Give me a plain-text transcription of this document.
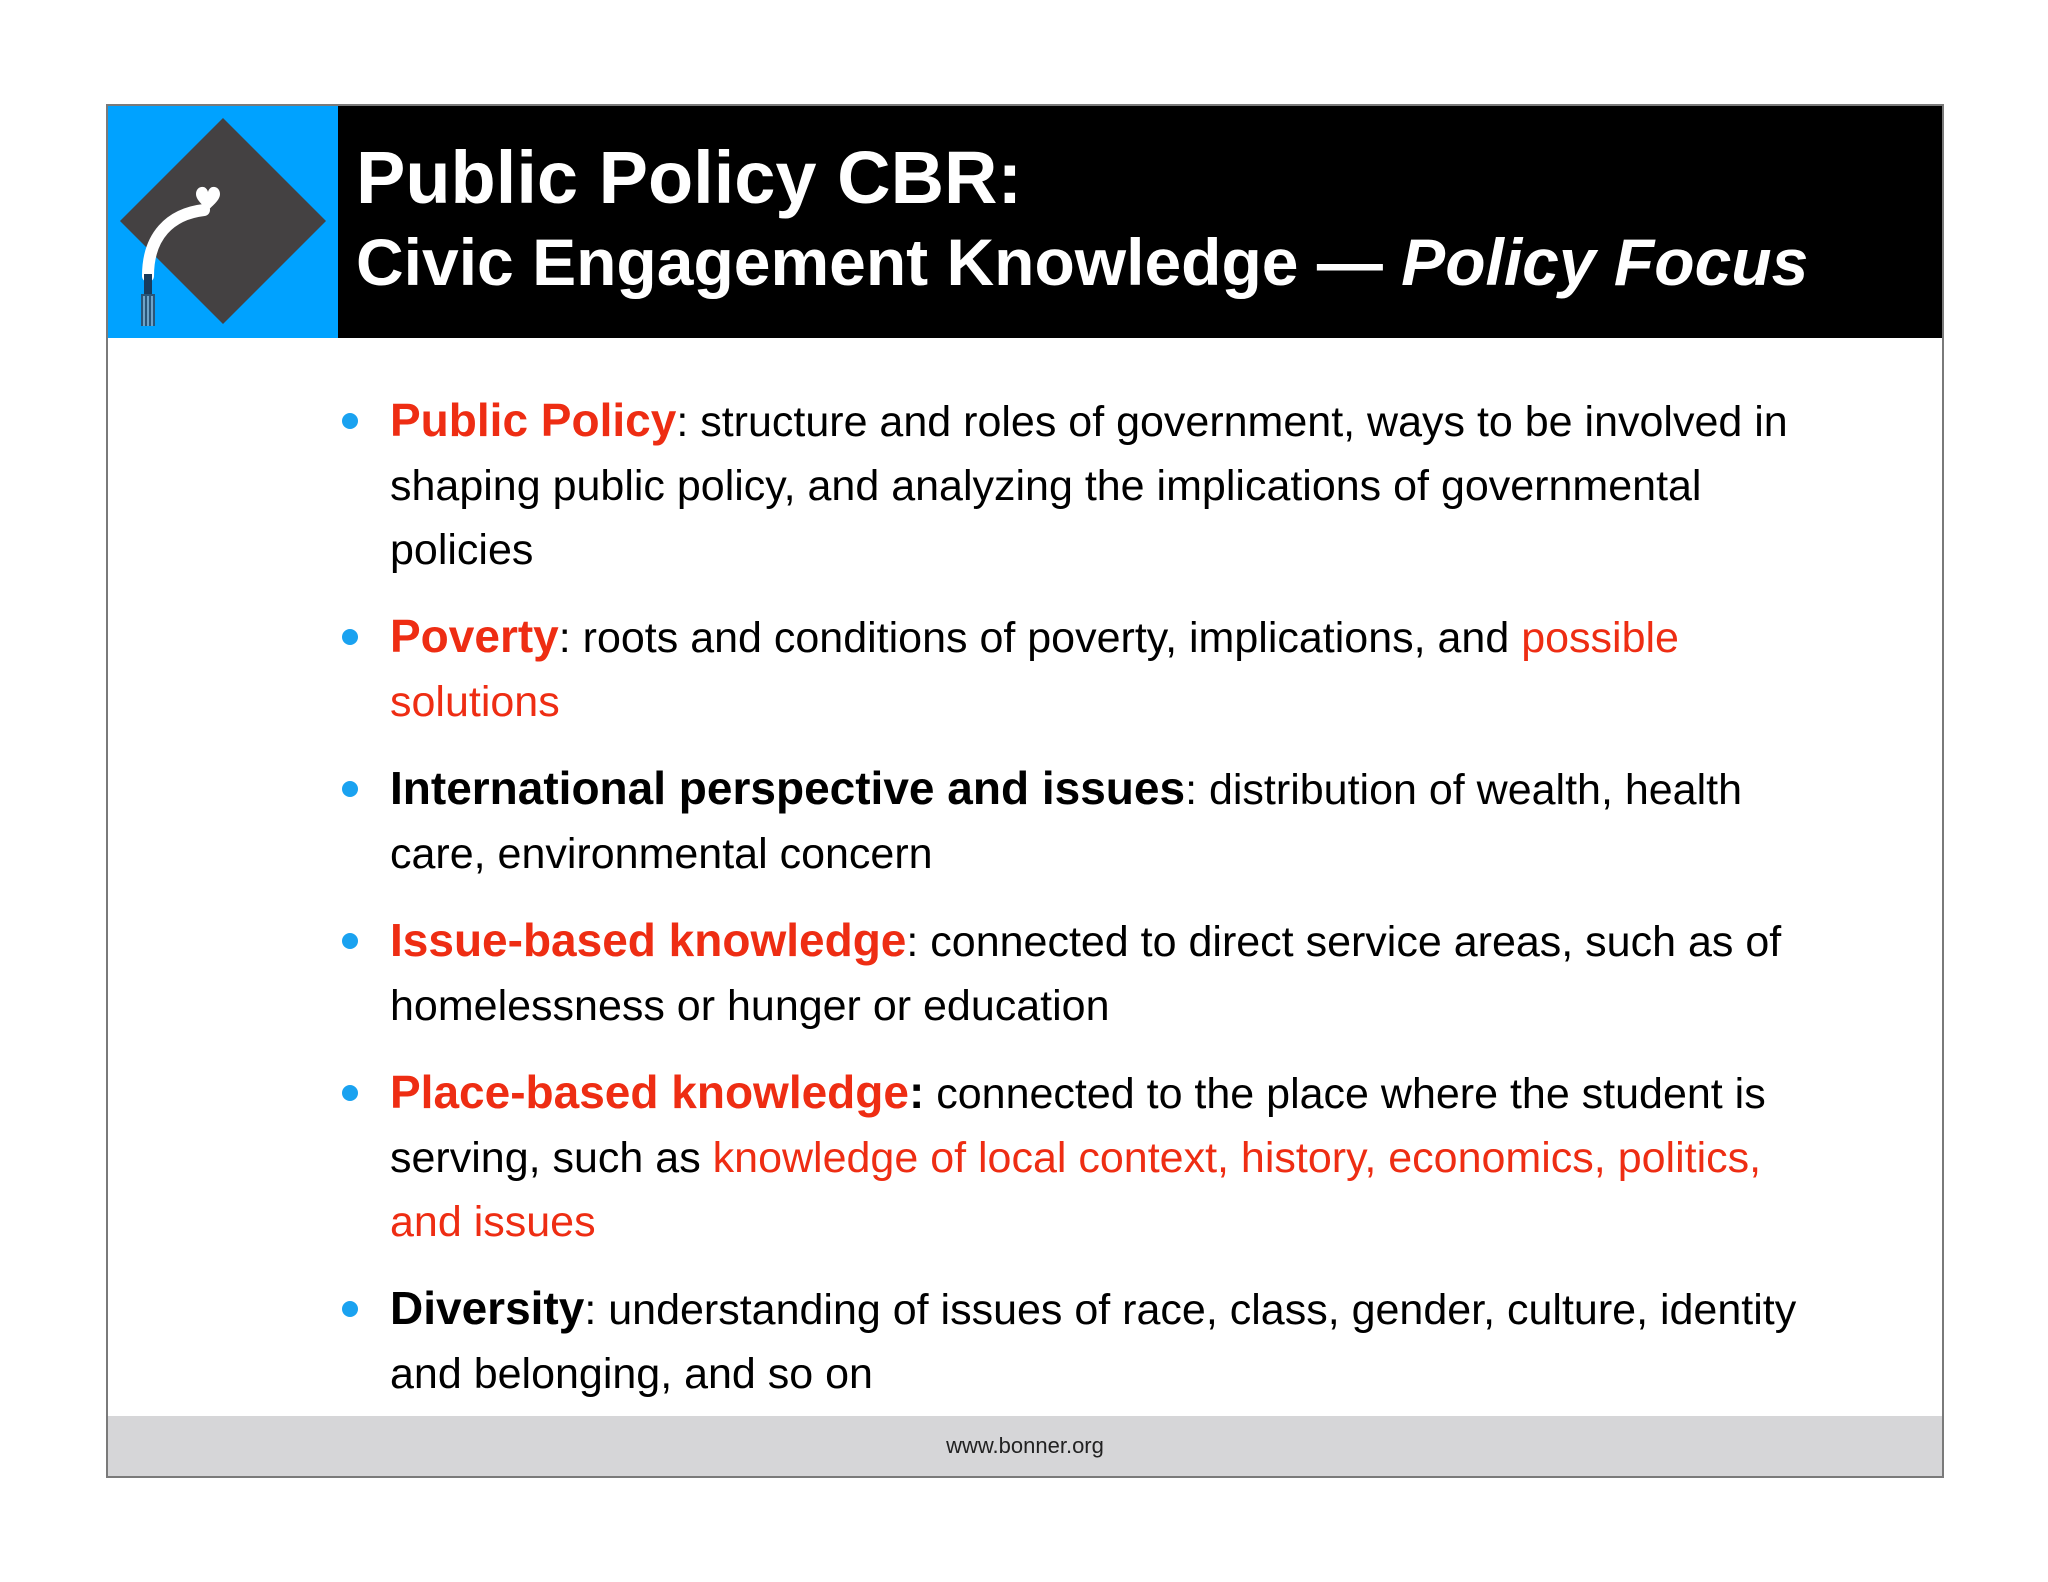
Public Policy CBR:
Civic Engagement Knowledge — Policy Focus
Public Policy: structure and roles of government, ways to be involved in shaping public policy, and analyzing the implications of governmental policies
Poverty: roots and conditions of poverty, implications, and possible solutions
International perspective and issues: distribution of wealth, health care, environmental concern
Issue-based knowledge: connected to direct service areas, such as of homelessness or hunger or education
Place-based knowledge: connected to the place where the student is serving, such as knowledge of local context, history, economics, politics, and issues
Diversity: understanding of issues of race, class, gender, culture, identity and belonging, and so on
www.bonner.org
